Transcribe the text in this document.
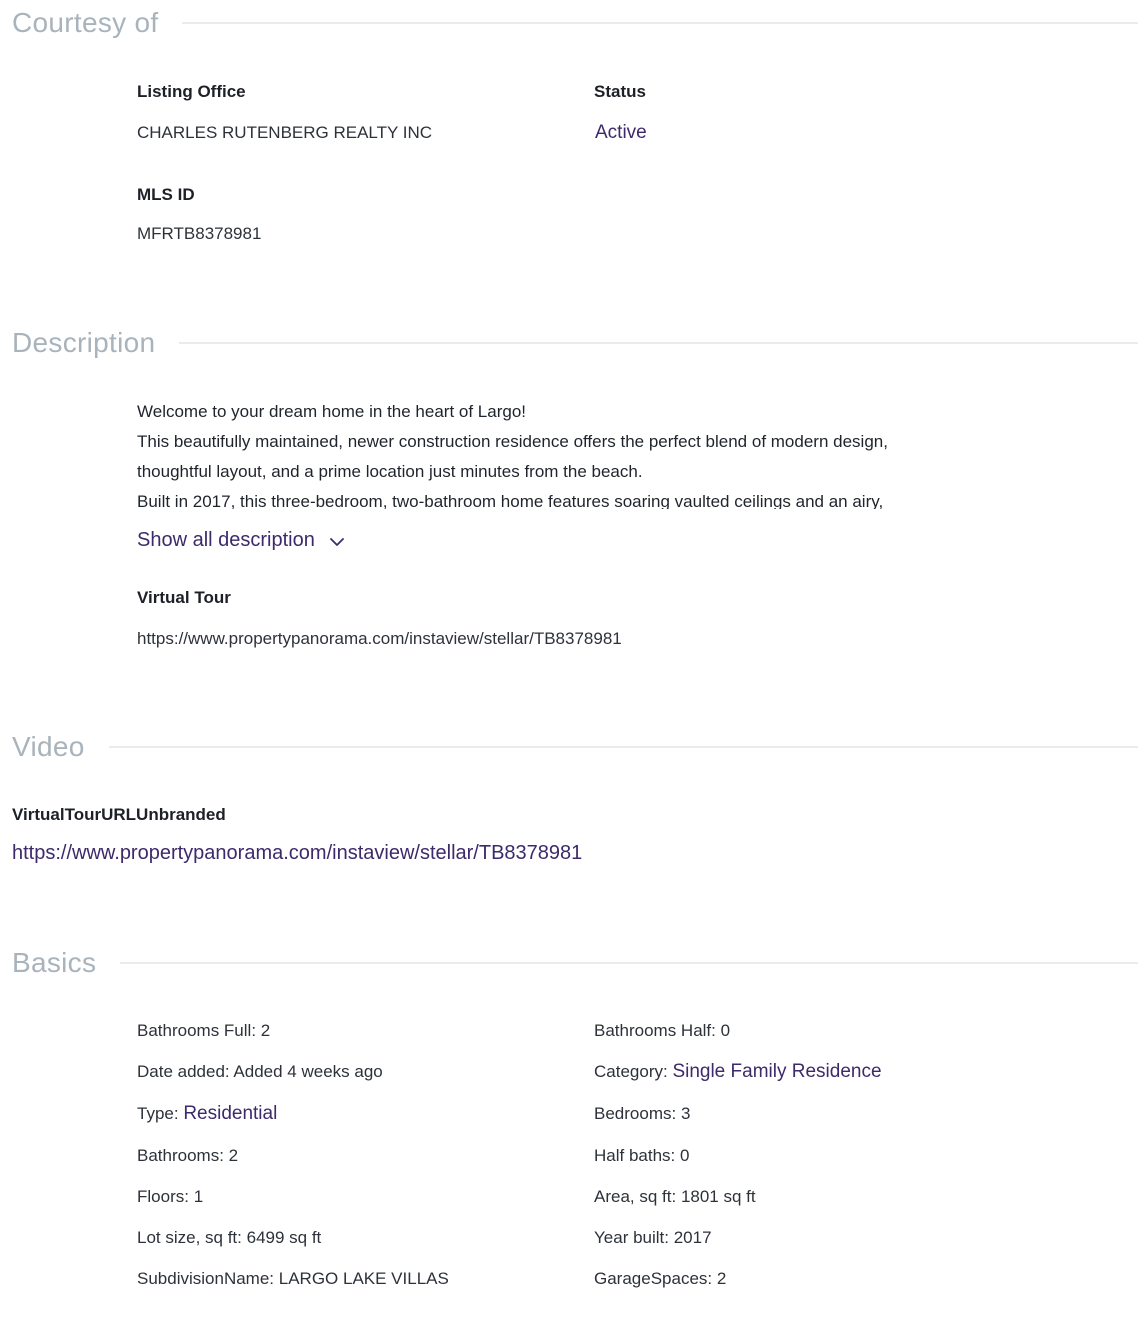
Courtesy of
Listing Office
CHARLES RUTENBERG REALTY INC
Status
Active
MLS ID
MFRTB8378981
Description

Welcome to your dream home in the heart of Largo!

This beautifully maintained, newer construction residence offers the perfect blend of modern design,

thoughtful layout, and a prime location just minutes from the beach.

Built in 2017, this three-bedroom, two-bathroom home features soaring vaulted ceilings and an airy,

Show all description
Virtual Tour
https://www.propertypanorama.com/instaview/stellar/TB8378981
Video
VirtualTourURLUnbranded
https://www.propertypanorama.com/instaview/stellar/TB8378981
Basics
Bathrooms Full: 2
Date added: Added 4 weeks ago
Type: Residential
Bathrooms: 2
Floors: 1
Lot size, sq ft: 6499 sq ft
SubdivisionName: LARGO LAKE VILLAS
Bathrooms Half: 0
Category: Single Family Residence
Bedrooms: 3
Half baths: 0
Area, sq ft: 1801 sq ft
Year built: 2017
GarageSpaces: 2
